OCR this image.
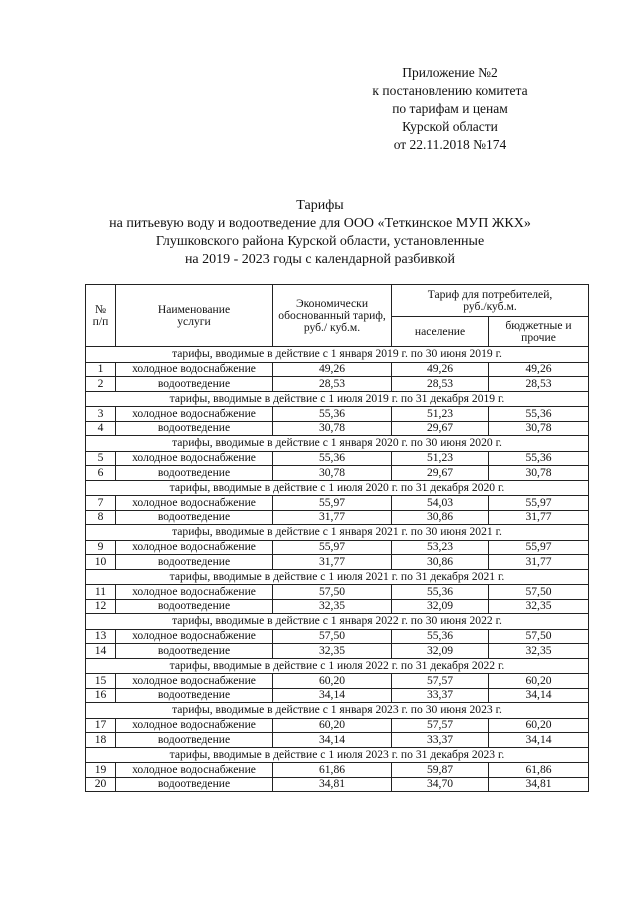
Приложение №2
к постановлению комитета
по тарифам и ценам
Курской области
от 22.11.2018 №174
Тарифы
на питьевую воду и водоотведение для ООО «Теткинское МУП ЖКХ»
Глушковского района Курской области, установленные
на 2019 - 2023 годы с календарной разбивкой
№ п/п	Наименование услуги	Экономически обоснованный тариф, руб./ куб.м.	Тариф для потребителей, руб./куб.м.	

			население	бюджетные и прочие

тарифы, вводимые в действие с 1 января 2019 г. по 30 июня 2019 г.				
1	холодное водоснабжение	49,26	49,26	49,26
2	водоотведение	28,53	28,53	28,53
тарифы, вводимые в действие с 1 июля 2019 г. по 31 декабря 2019 г.				
3	холодное водоснабжение	55,36	51,23	55,36
4	водоотведение	30,78	29,67	30,78
тарифы, вводимые в действие с 1 января 2020 г. по 30 июня 2020 г.				
5	холодное водоснабжение	55,36	51,23	55,36
6	водоотведение	30,78	29,67	30,78
тарифы, вводимые в действие с 1 июля 2020 г. по 31 декабря 2020 г.				
7	холодное водоснабжение	55,97	54,03	55,97
8	водоотведение	31,77	30,86	31,77
тарифы, вводимые в действие с 1 января 2021 г. по 30 июня 2021 г.				
9	холодное водоснабжение	55,97	53,23	55,97
10	водоотведение	31,77	30,86	31,77
тарифы, вводимые в действие с 1 июля 2021 г. по 31 декабря 2021 г.				
11	холодное водоснабжение	57,50	55,36	57,50
12	водоотведение	32,35	32,09	32,35
тарифы, вводимые в действие с 1 января 2022 г. по 30 июня 2022 г.				
13	холодное водоснабжение	57,50	55,36	57,50
14	водоотведение	32,35	32,09	32,35
тарифы, вводимые в действие с 1 июля 2022 г. по 31 декабря 2022 г.				
15	холодное водоснабжение	60,20	57,57	60,20
16	водоотведение	34,14	33,37	34,14
тарифы, вводимые в действие с 1 января 2023 г. по 30 июня 2023 г.				
17	холодное водоснабжение	60,20	57,57	60,20
18	водоотведение	34,14	33,37	34,14
тарифы, вводимые в действие с 1 июля 2023 г. по 31 декабря 2023 г.				
19	холодное водоснабжение	61,86	59,87	61,86
20	водоотведение	34,81	34,70	34,81
